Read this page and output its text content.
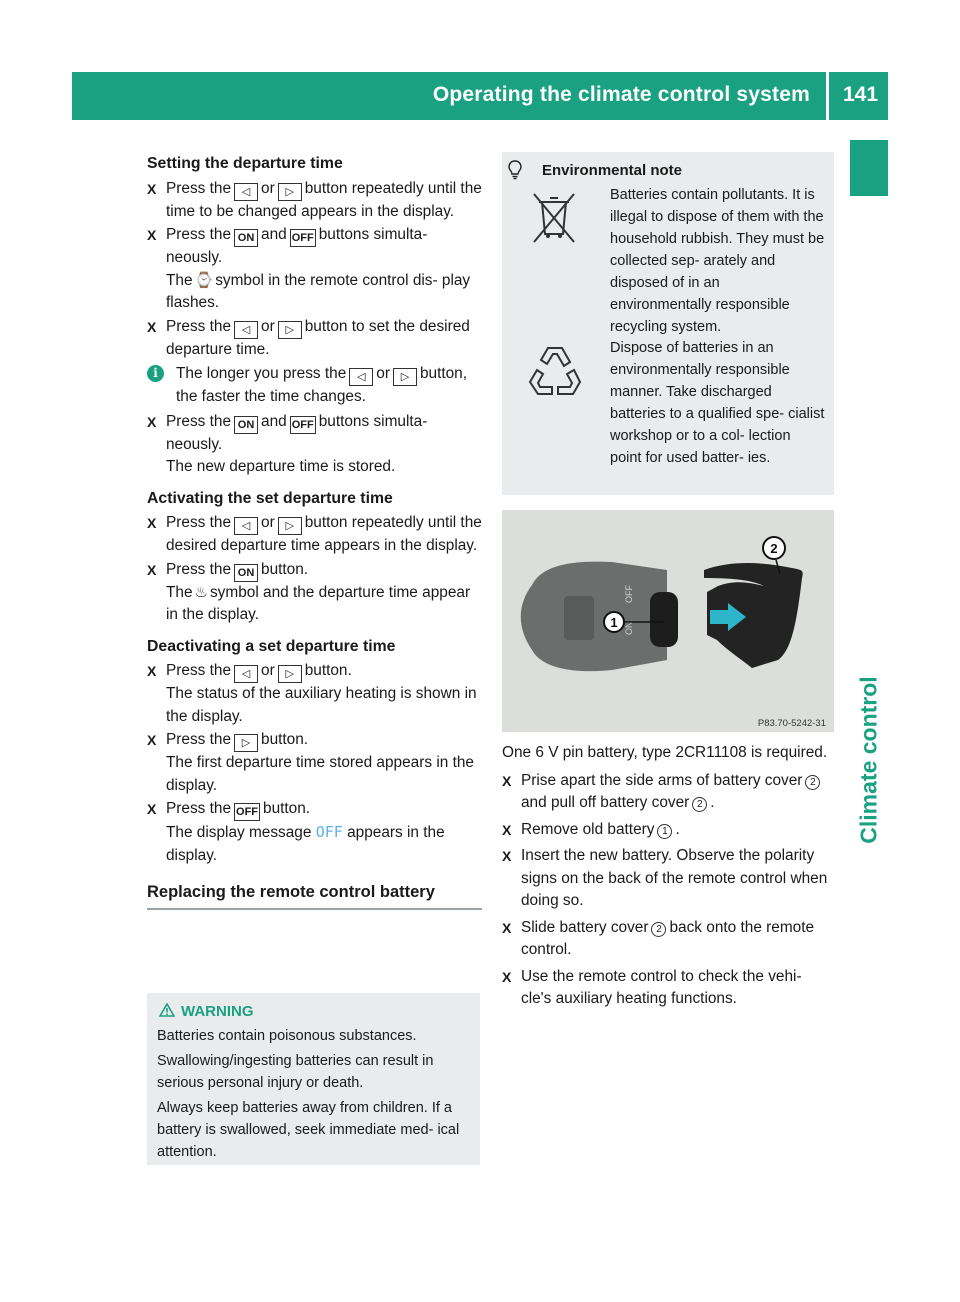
Operating the climate control system 141
Climate control
Setting the departure time
X Press the ◁ or ▷ button repeatedly until the time to be changed appears in the display.

X Press the ON and OFF buttons simulta- neously.

The ⌚ symbol in the remote control dis- play flashes.

X Press the ◁ or ▷ button to set the desired departure time.

i	The longer you press the ◁ or ▷ button, the faster the time changes.

X Press the ON and OFF buttons simulta- neously.

The new departure time is stored.

Activating the set departure time
X Press the ◁ or ▷ button repeatedly until the desired departure time appears in the display.

X Press the ON button.

The ♨ symbol and the departure time appear in the display.

Deactivating a set departure time
X Press the ◁ or ▷ button.

The status of the auxiliary heating is shown in the display.

X Press the ▷ button.

The first departure time stored appears in the display.

X Press the OFF button.

The display message OFF appears in the display.

Replacing the remote control battery
WARNING

Batteries contain poisonous substances.

Swallowing/ingesting batteries can result in serious personal injury or death.

Always keep batteries away from children. If a battery is swallowed, seek immediate med- ical attention.

Environmental note
Batteries contain pollutants. It is illegal to dispose of them with the household rubbish. They must be collected sep- arately and disposed of in an environmentally responsible recycling system.
Dispose of batteries in an environmentally responsible manner. Take discharged batteries to a qualified spe- cialist workshop or to a col- lection point for used batter- ies.
ON
OFF
1
2
P83.70-5242-31

One 6 V pin battery, type 2CR11108 is required.

X Prise apart the side arms of battery cover 2and pull off battery cover 2 .

X Remove old battery 1 .

X Insert the new battery. Observe the polarity signs on the back of the remote control when doing so.

X Slide battery cover 2 back onto the remote control.

X Use the remote control to check the vehi- cle's auxiliary heating functions.
